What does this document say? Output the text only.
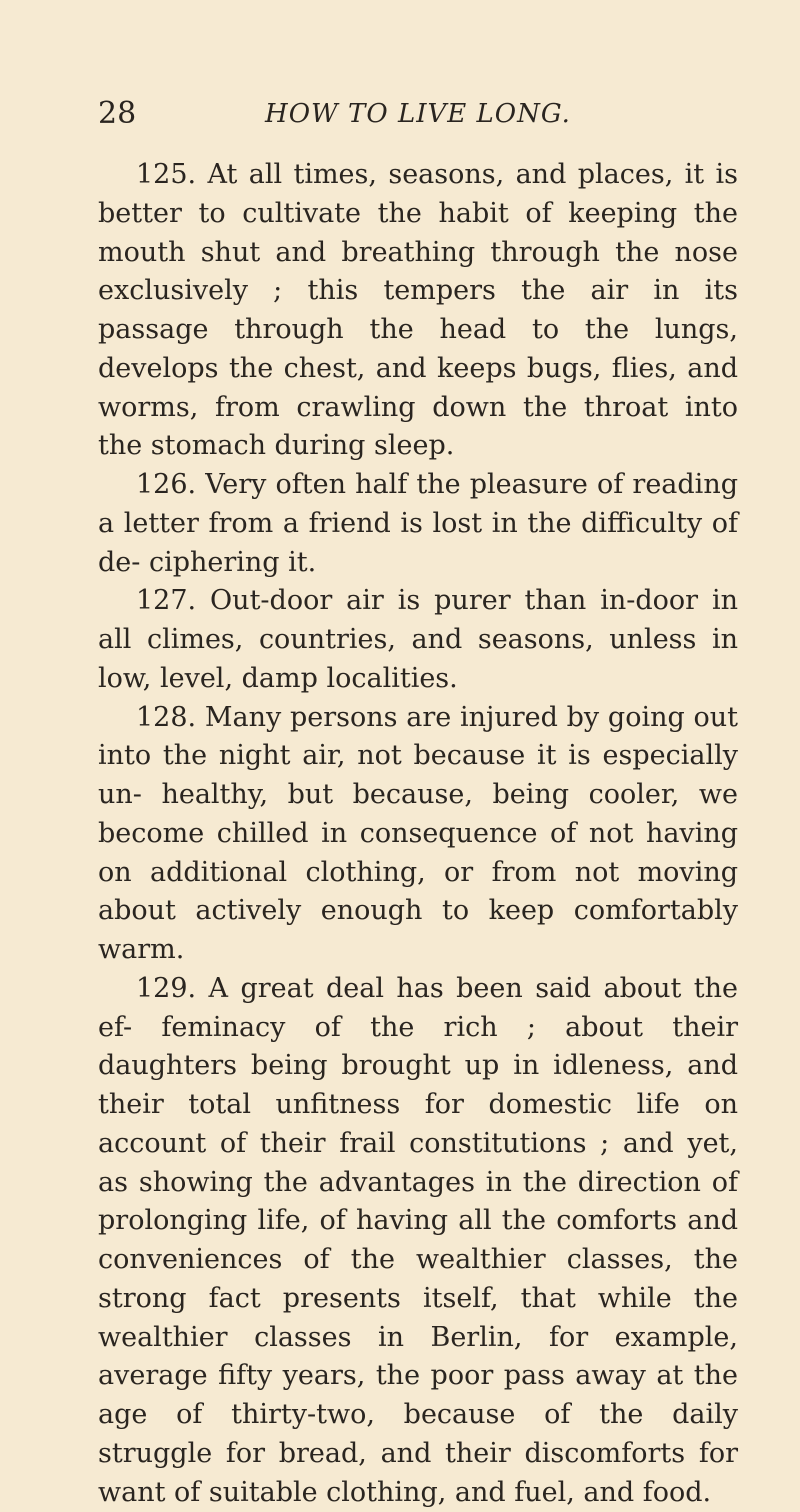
28	HOW TO LIVE LONG.

125. At all times, seasons, and places, it is better to cultivate the habit of keeping the mouth shut and breathing through the nose exclusively ; this tempers the air in its passage through the head to the lungs, develops the chest, and keeps bugs, flies, and worms, from crawling down the throat into the stomach during sleep.

126. Very often half the pleasure of reading a letter from a friend is lost in the difficulty of de- ciphering it.

127. Out-door air is purer than in-door in all climes, countries, and seasons, unless in low, level, damp localities.

128. Many persons are injured by going out into the night air, not because it is especially un- healthy, but because, being cooler, we become chilled in consequence of not having on additional clothing, or from not moving about actively enough to keep comfortably warm.

129. A great deal has been said about the ef- feminacy of the rich ; about their daughters being brought up in idleness, and their total unfitness for domestic life on account of their frail constitutions ; and yet, as showing the advantages in the direction of prolonging life, of having all the comforts and conveniences of the wealthier classes, the strong fact presents itself, that while the wealthier classes in Berlin, for example, average fifty years, the poor pass away at the age of thirty-two, because of the daily struggle for bread, and their discomforts for want of suitable clothing, and fuel, and food.
